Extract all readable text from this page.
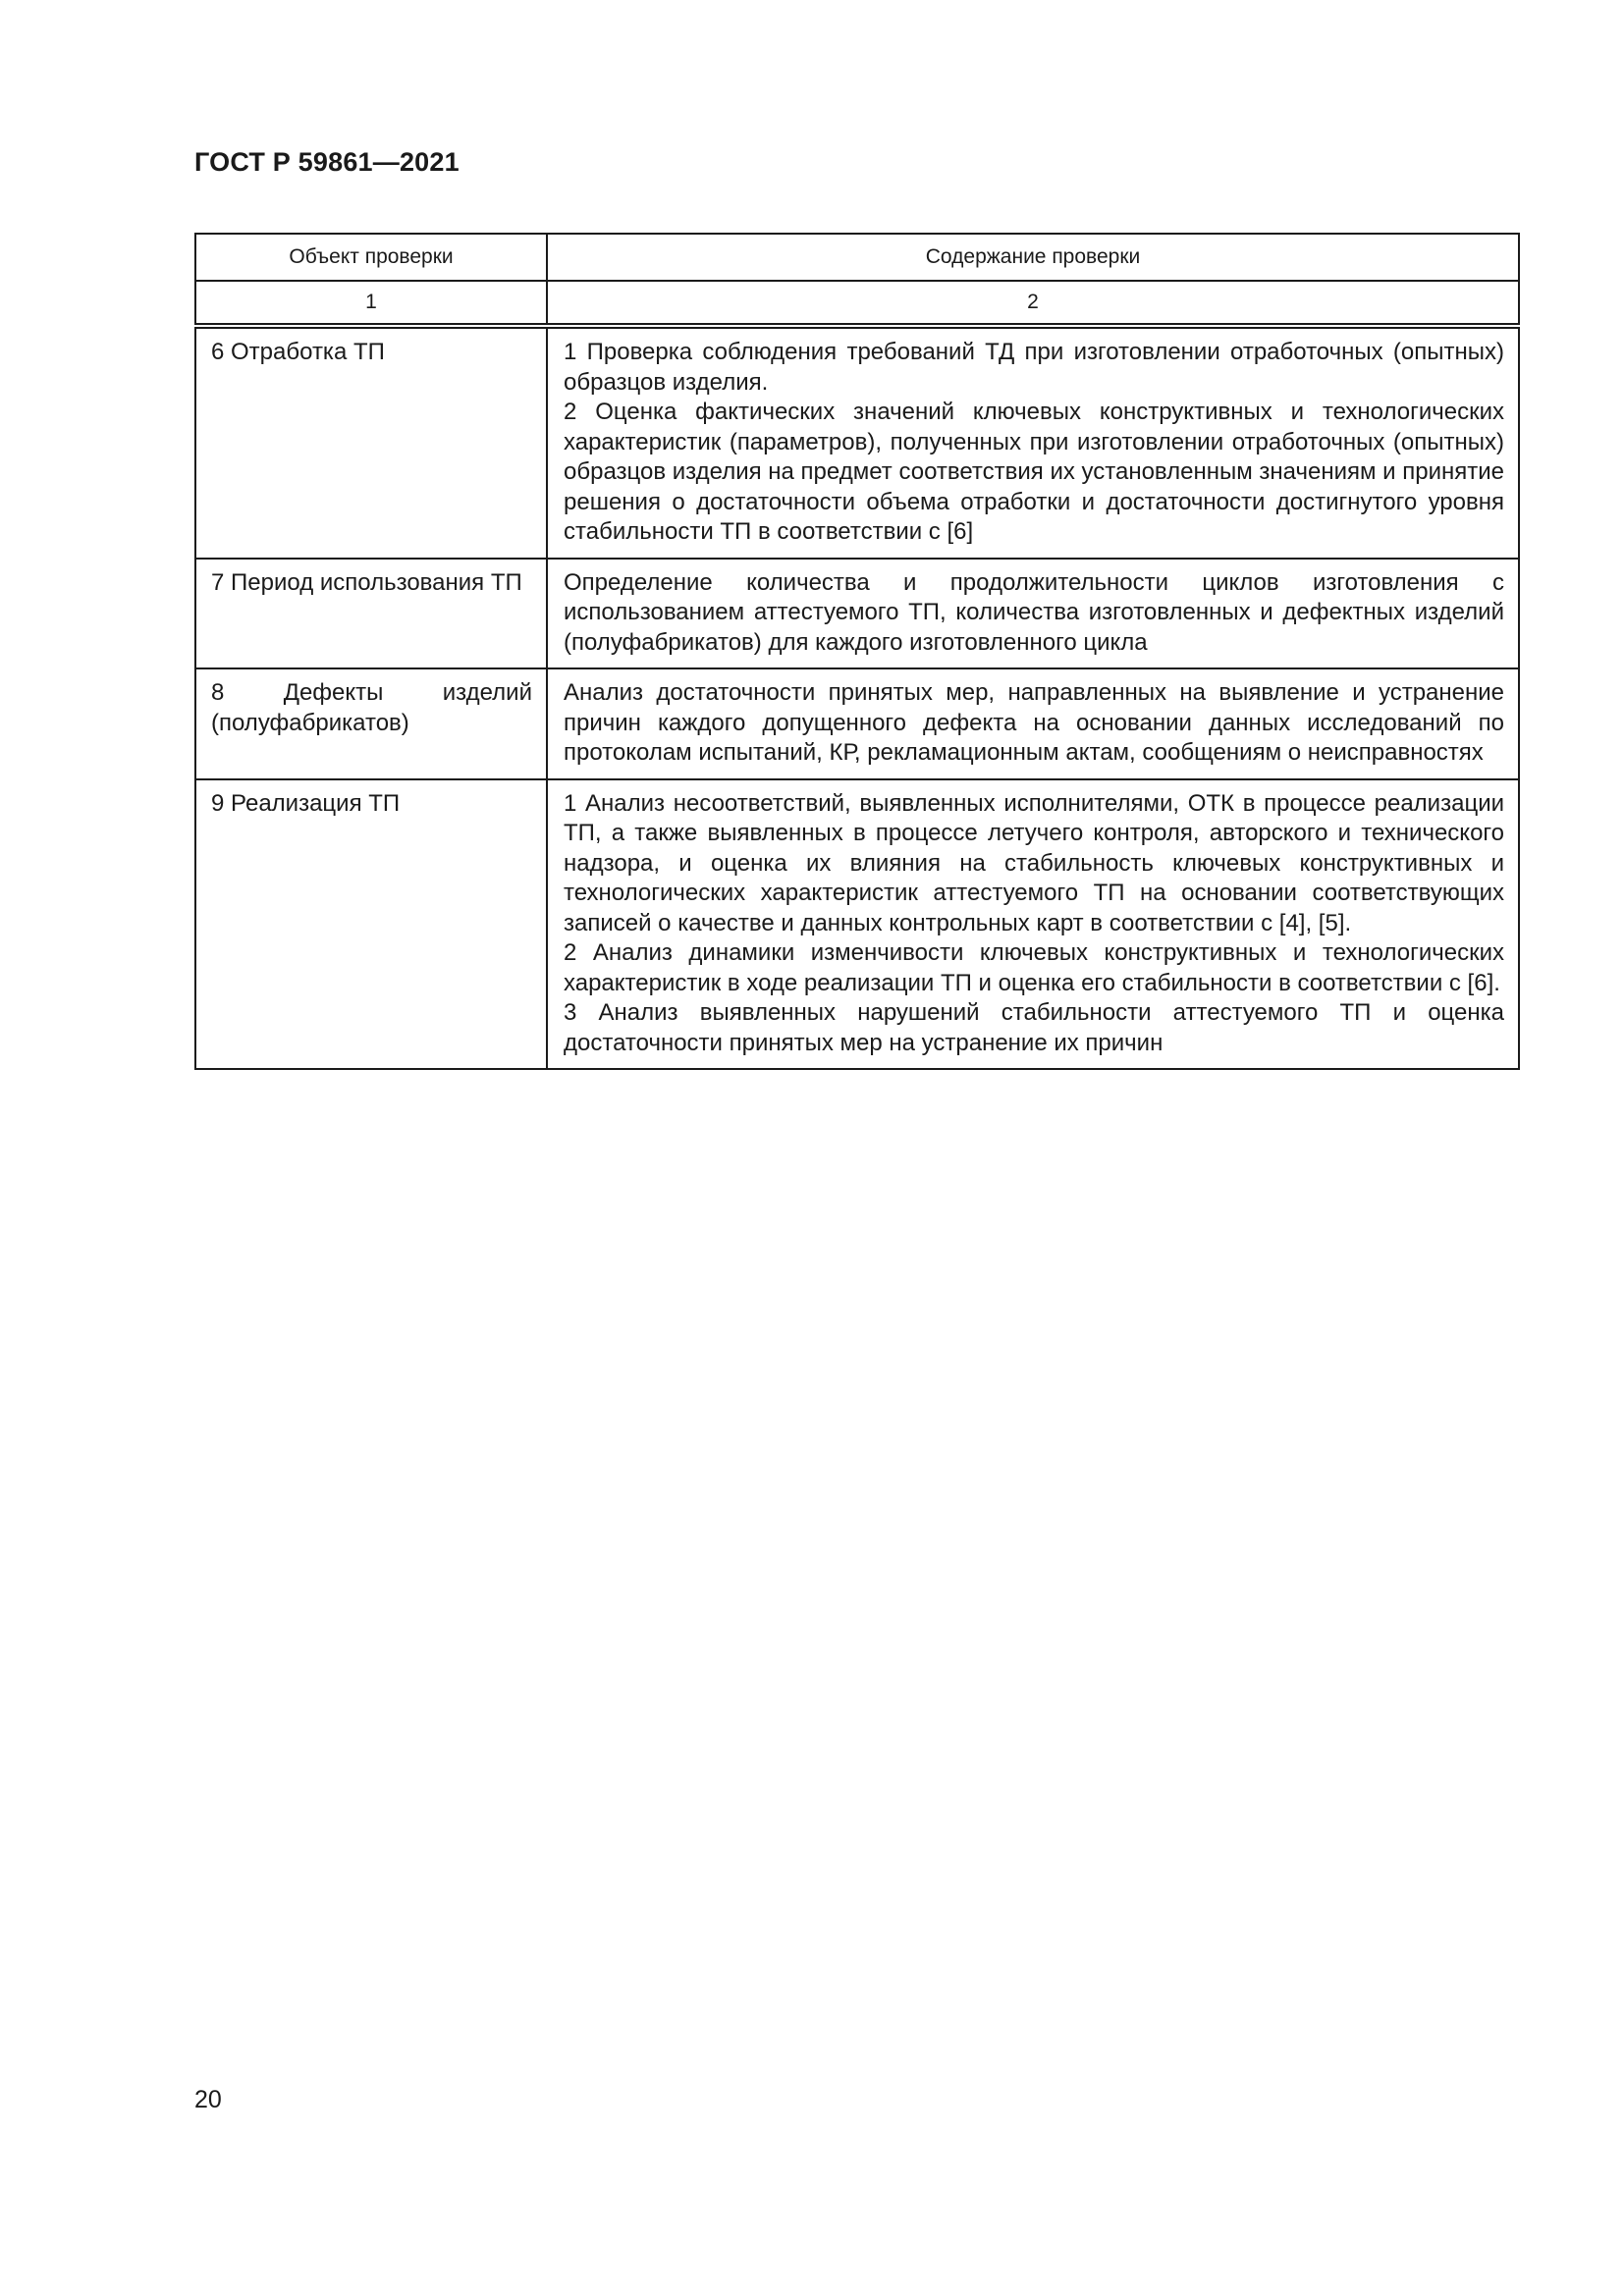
ГОСТ Р 59861—2021
Объект проверки	Содержание проверки
1	2
6 Отработка ТП	1 Проверка соблюдения требований ТД при изготовлении отработочных (опытных) образцов изделия.

2 Оценка фактических значений ключевых конструктивных и технологических характеристик (параметров), полученных при изготовлении отработочных (опытных) образцов изделия на предмет соответствия их установленным значениям и принятие решения о достаточности объема отработки и достаточности достигнутого уровня стабильности ТП в соответствии с [6]

7 Период использования ТП	Определение количества и продолжительности циклов изготовления с использованием аттестуемого ТП, количества изготовленных и дефектных изделий (полуфабрикатов) для каждого изготовленного цикла

8 Дефекты изделий (полуфабрикатов)	Анализ достаточности принятых мер, направленных на выявление и устранение причин каждого допущенного дефекта на основании данных исследований по протоколам испытаний, КР, рекламационным актам, сообщениям о неисправностях

9 Реализация ТП	1 Анализ несоответствий, выявленных исполнителями, ОТК в процессе реализации ТП, а также выявленных в процессе летучего контроля, авторского и технического надзора, и оценка их влияния на стабильность ключевых конструктивных и технологических характеристик аттестуемого ТП на основании соответствующих записей о качестве и данных контрольных карт в соответствии с [4], [5].

2 Анализ динамики изменчивости ключевых конструктивных и технологических характеристик в ходе реализации ТП и оценка его стабильности в соответствии с [6].

3 Анализ выявленных нарушений стабильности аттестуемого ТП и оценка достаточности принятых мер на устранение их причин

20
